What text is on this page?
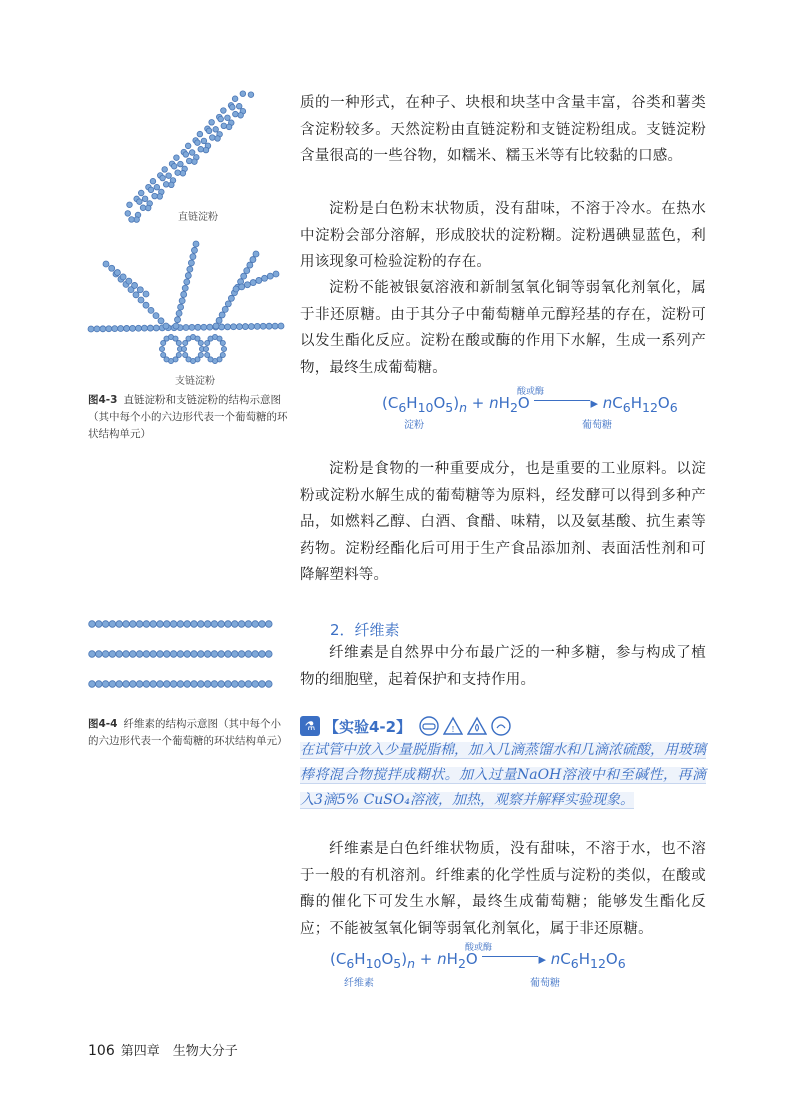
直链淀粉
支链淀粉
图4-3 直链淀粉和支链淀粉的结构示意图（其中每个小的六边形代表一个葡萄糖的环状结构单元）
图4-4 纤维素的结构示意图（其中每个小的六边形代表一个葡萄糖的环状结构单元）

质的一种形式，在种子、块根和块茎中含量丰富，谷类和薯类含淀粉较多。天然淀粉由直链淀粉和支链淀粉组成。支链淀粉含量很高的一些谷物，如糯米、糯玉米等有比较黏的口感。

淀粉是白色粉末状物质，没有甜味，不溶于冷水。在热水中淀粉会部分溶解，形成胶状的淀粉糊。淀粉遇碘显蓝色，利用该现象可检验淀粉的存在。

淀粉不能被银氨溶液和新制氢氧化铜等弱氧化剂氧化，属于非还原糖。由于其分子中葡萄糖单元醇羟基的存在，淀粉可以发生酯化反应。淀粉在酸或酶的作用下水解，生成一系列产物，最终生成葡萄糖。

酸或酶
$(C_6H_{10}O_5)_n + nH_2O$	▸ $nC_6H_{12}O_6$
淀粉	葡萄糖

淀粉是食物的一种重要成分，也是重要的工业原料。以淀粉或淀粉水解生成的葡萄糖等为原料，经发酵可以得到多种产品，如燃料乙醇、白酒、食醋、味精，以及氨基酸、抗生素等药物。淀粉经酯化后可用于生产食品添加剂、表面活性剂和可降解塑料等。

2．纤维素

纤维素是自然界中分布最广泛的一种多糖，参与构成了植物的细胞壁，起着保护和支持作用。

⚗ 【实验4-2】	!
在试管中放入少量脱脂棉，加入几滴蒸馏水和几滴浓硫酸，用玻璃棒将混合物搅拌成糊状。加入过量NaOH溶液中和至碱性，再滴入3滴5% CuSO₄溶液，加热，观察并解释实验现象。

纤维素是白色纤维状物质，没有甜味，不溶于水，也不溶于一般的有机溶剂。纤维素的化学性质与淀粉的类似，在酸或酶的催化下可发生水解，最终生成葡萄糖；能够发生酯化反应；不能被氢氧化铜等弱氧化剂氧化，属于非还原糖。

酸或酶
$(C_6H_{10}O_5)_n + nH_2O$	▸ $nC_6H_{12}O_6$
纤维素	葡萄糖
106 第四章　生物大分子
